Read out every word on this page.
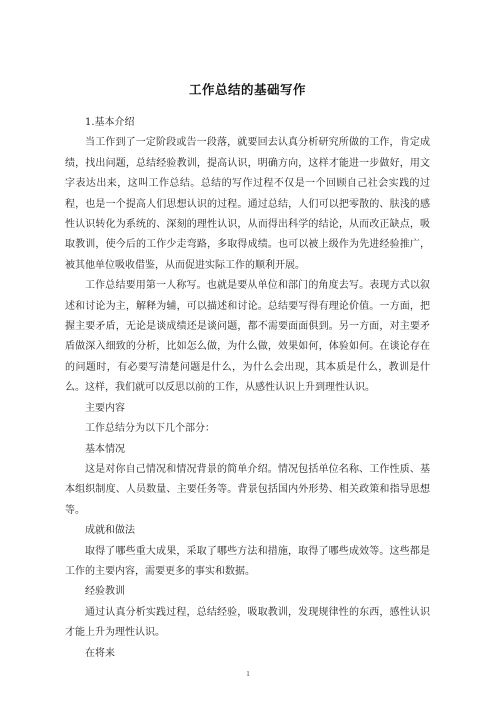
工作总结的基础写作

1.基本介绍

当工作到了一定阶段或告一段落，就要回去认真分析研究所做的工作，肯定成绩，找出问题，总结经验教训，提高认识，明确方向，这样才能进一步做好，用文字表达出来，这叫工作总结。总结的写作过程不仅是一个回顾自己社会实践的过程，也是一个提高人们思想认识的过程。通过总结，人们可以把零散的、肤浅的感性认识转化为系统的、深刻的理性认识，从而得出科学的结论，从而改正缺点，吸取教训，使今后的工作少走弯路，多取得成绩。也可以被上级作为先进经验推广，被其他单位吸收借鉴，从而促进实际工作的顺利开展。

工作总结要用第一人称写。也就是要从单位和部门的角度去写。表现方式以叙述和讨论为主，解释为辅，可以描述和讨论。总结要写得有理论价值。一方面，把握主要矛盾，无论是谈成绩还是谈问题，都不需要面面俱到。另一方面，对主要矛盾做深入细致的分析，比如怎么做，为什么做，效果如何，体验如何。在谈论存在的问题时，有必要写清楚问题是什么，为什么会出现，其本质是什么，教训是什么。这样，我们就可以反思以前的工作，从感性认识上升到理性认识。

主要内容

工作总结分为以下几个部分：

基本情况

这是对你自己情况和情况背景的简单介绍。情况包括单位名称、工作性质、基本组织制度、人员数量、主要任务等。背景包括国内外形势、相关政策和指导思想等。

成就和做法

取得了哪些重大成果，采取了哪些方法和措施，取得了哪些成效等。这些都是工作的主要内容，需要更多的事实和数据。

经验教训

通过认真分析实践过程，总结经验，吸取教训，发现规律性的东西，感性认识才能上升为理性认识。

在将来

1
